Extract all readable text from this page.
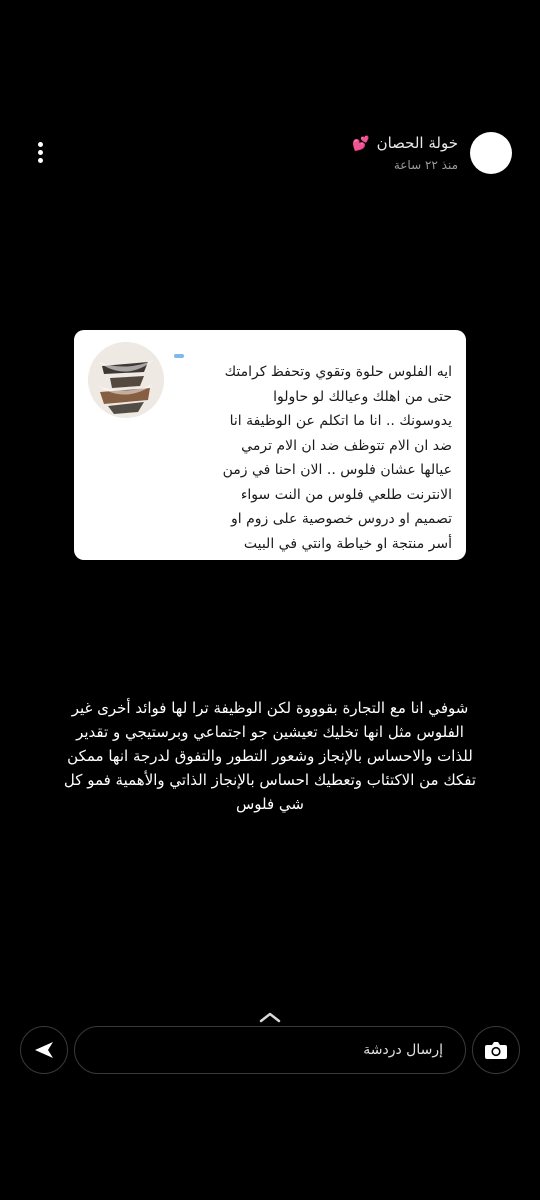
خولة الحصان 💕
منذ ٢٢ ساعة
ايه الفلوس حلوة وتقوي وتحفظ كرامتك
حتى من اهلك وعيالك لو حاولوا
يدوسونك .. انا ما اتكلم عن الوظيفة انا
ضد ان الام تتوظف ضد ان الام ترمي
عيالها عشان فلوس .. الان احنا في زمن
الانترنت طلعي فلوس من النت سواء
تصميم او دروس خصوصية على زوم او
أسر منتجة او خياطة وانتي في البيت
شوفي انا مع التجارة بقوووة لكن الوظيفة ترا لها فوائد أخرى غير
الفلوس مثل انها تخليك تعيشين جو اجتماعي وبرستيجي و تقدير
للذات والاحساس بالإنجاز وشعور التطور والتفوق لدرجة انها ممكن
تفكك من الاكتئاب وتعطيك احساس بالإنجاز الذاتي والأهمية فمو كل
شي فلوس
إرسال دردشة
